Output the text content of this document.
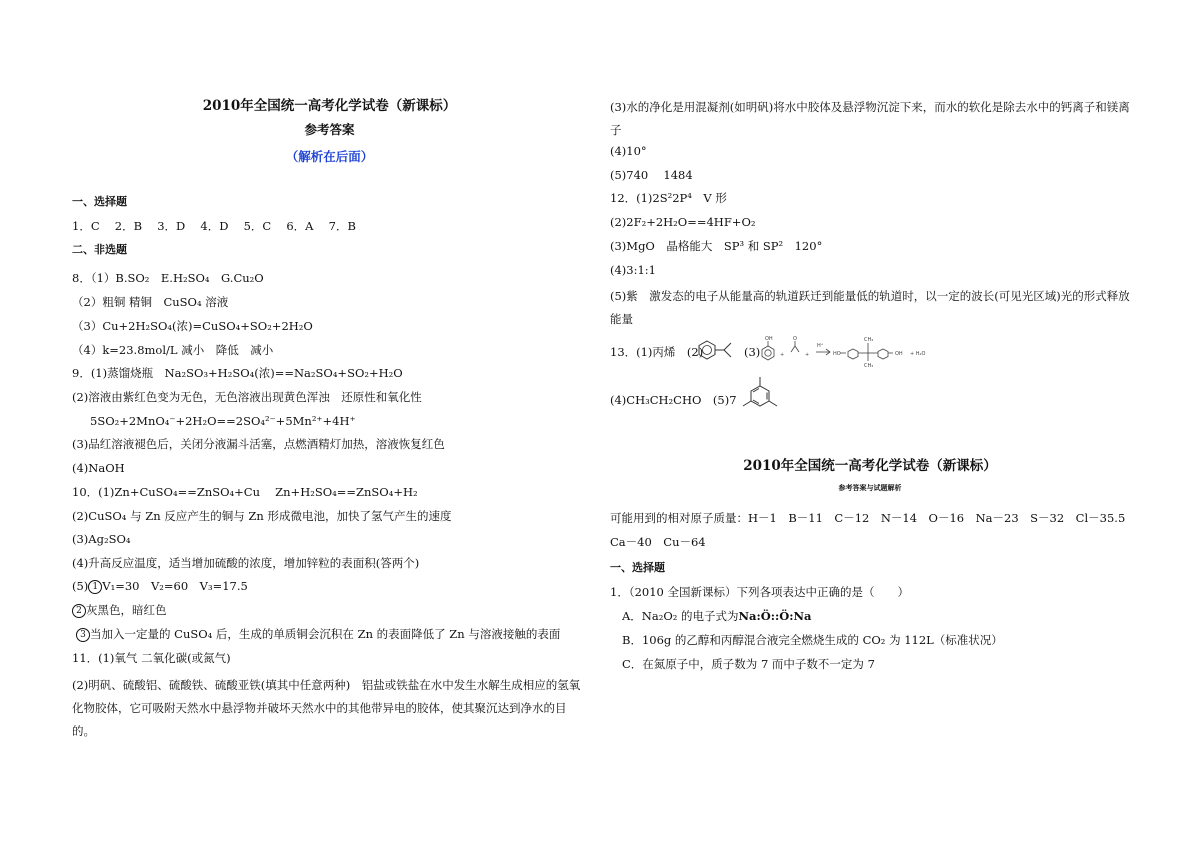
2010年全国统一高考化学试卷（新课标）
参考答案
（解析在后面）
一、选择题
1．C　 2．B　 3．D　 4．D　 5．C　 6．A　 7．B
二、非选题
8．（1）B.SO₂　E.H₂SO₄　G.Cu₂O
（2）粗铜 精铜　CuSO₄ 溶液
（3）Cu+2H₂SO₄(浓)=CuSO₄+SO₂+2H₂O
（4）k=23.8mol/L 减小　降低　减小
9．(1)蒸馏烧瓶　Na₂SO₃+H₂SO₄(浓)==Na₂SO₄+SO₂+H₂O
(2)溶液由紫红色变为无色，无色溶液出现黄色浑浊　还原性和氧化性
5SO₂+2MnO₄⁻+2H₂O==2SO₄²⁻+5Mn²⁺+4H⁺
(3)品红溶液褪色后，关闭分液漏斗活塞，点燃酒精灯加热，溶液恢复红色
(4)NaOH
10．(1)Zn+CuSO₄==ZnSO₄+Cu　 Zn+H₂SO₄==ZnSO₄+H₂
(2)CuSO₄ 与 Zn 反应产生的铜与 Zn 形成微电池，加快了氢气产生的速度
(3)Ag₂SO₄
(4)升高反应温度，适当增加硫酸的浓度，增加锌粒的表面积(答两个)
(5) 1 V₁=30　V₂=60　V₃=17.5
2 灰黑色，暗红色
3 当加入一定量的 CuSO₄ 后，生成的单质铜会沉积在 Zn 的表面降低了 Zn 与溶液接触的表面
11．(1)氧气 二氧化碳(或氮气)
(2)明矾、硫酸铝、硫酸铁、硫酸亚铁(填其中任意两种)　铝盐或铁盐在水中发生水解生成相应的氢氧化物胶体，它可吸附天然水中悬浮物并破坏天然水中的其他带异电的胶体，使其聚沉达到净水的目的。
(3)水的净化是用混凝剂(如明矾)将水中胶体及悬浮物沉淀下来，而水的软化是除去水中的钙离子和镁离子
(4)10°
(5)740　 1484
12．(1)2S²2P⁴　V 形
(2)2F₂+2H₂O==4HF+O₂
(3)MgO　晶格能大　SP³ 和 SP²　120°
(4)3:1:1
(5)紫　激发态的电子从能量高的轨道跃迁到能量低的轨道时，以一定的波长(可见光区域)光的形式释放能量
13．(1)丙烯　(2)	(3)
OH
+
O
+
H⁺
HO
CH₃
CH₃
OH + H₂O
(4)CH₃CH₂CHO　(5)7
2010年全国统一高考化学试卷（新课标）
参考答案与试题解析
可能用到的相对原子质量：H－1　B－11　C－12　N－14　O－16　Na－23　S－32　Cl－35.5
Ca－40　Cu－64
一、选择题
1．（2010 全国新课标）下列各项表达中正确的是（　　）
A．Na₂O₂ 的电子式为Na:Ö::Ö:Na
B．106g 的乙醇和丙醇混合液完全燃烧生成的 CO₂ 为 112L（标准状况）
C．在氮原子中，质子数为 7 而中子数不一定为 7
